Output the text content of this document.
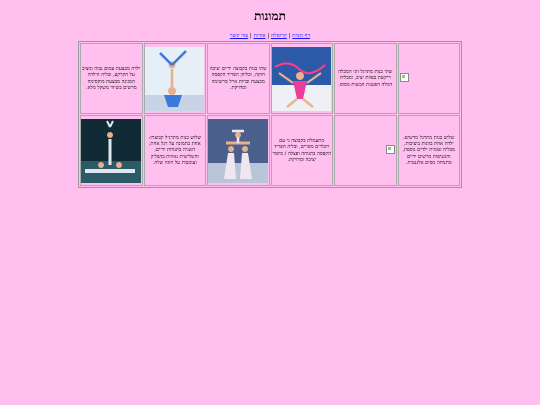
תמונות
דף הבית | קרוסלה | אודות | צור קשר
	שתי בנות מתרגל זוגי המבלה ריקשת בפוזת יציב, ומבליה הזולה הפשגת הבשות מסוס.		שתי בנות בקבוצה ידיים יציבה חזקה, ובליהן הפריד הקפסה מבצעת ובויות אייל מרשימה ומדויקת.		ילדה מבצעת עמום גבוה ומציב על הקרקע, ובליה הילדה המגינה מבצעת מוקסימה מרשים בשיווי משקל מלא.
שלוש בנות מתרגל מרשים: ילדה אחת בזוגות ביציבות, מבליה שזמית ילדים נוספת, והנשיפות מרשים ידיים מתנוחה מסים אלגנטית.		מתעמלת בקבוצה גי עם רובליים מסויים, ובליה הפריד הקפסה בתנוחה ופצלה / סיפור יציבה ומדויקת.		שלוש בנות מתרגיל קבוצתי: אחת בתמונה על רגל אחת, השניה בתנוחת ידיים, והשלישית נאיזות בהבליון ועומבות על הזזה שלה.	
